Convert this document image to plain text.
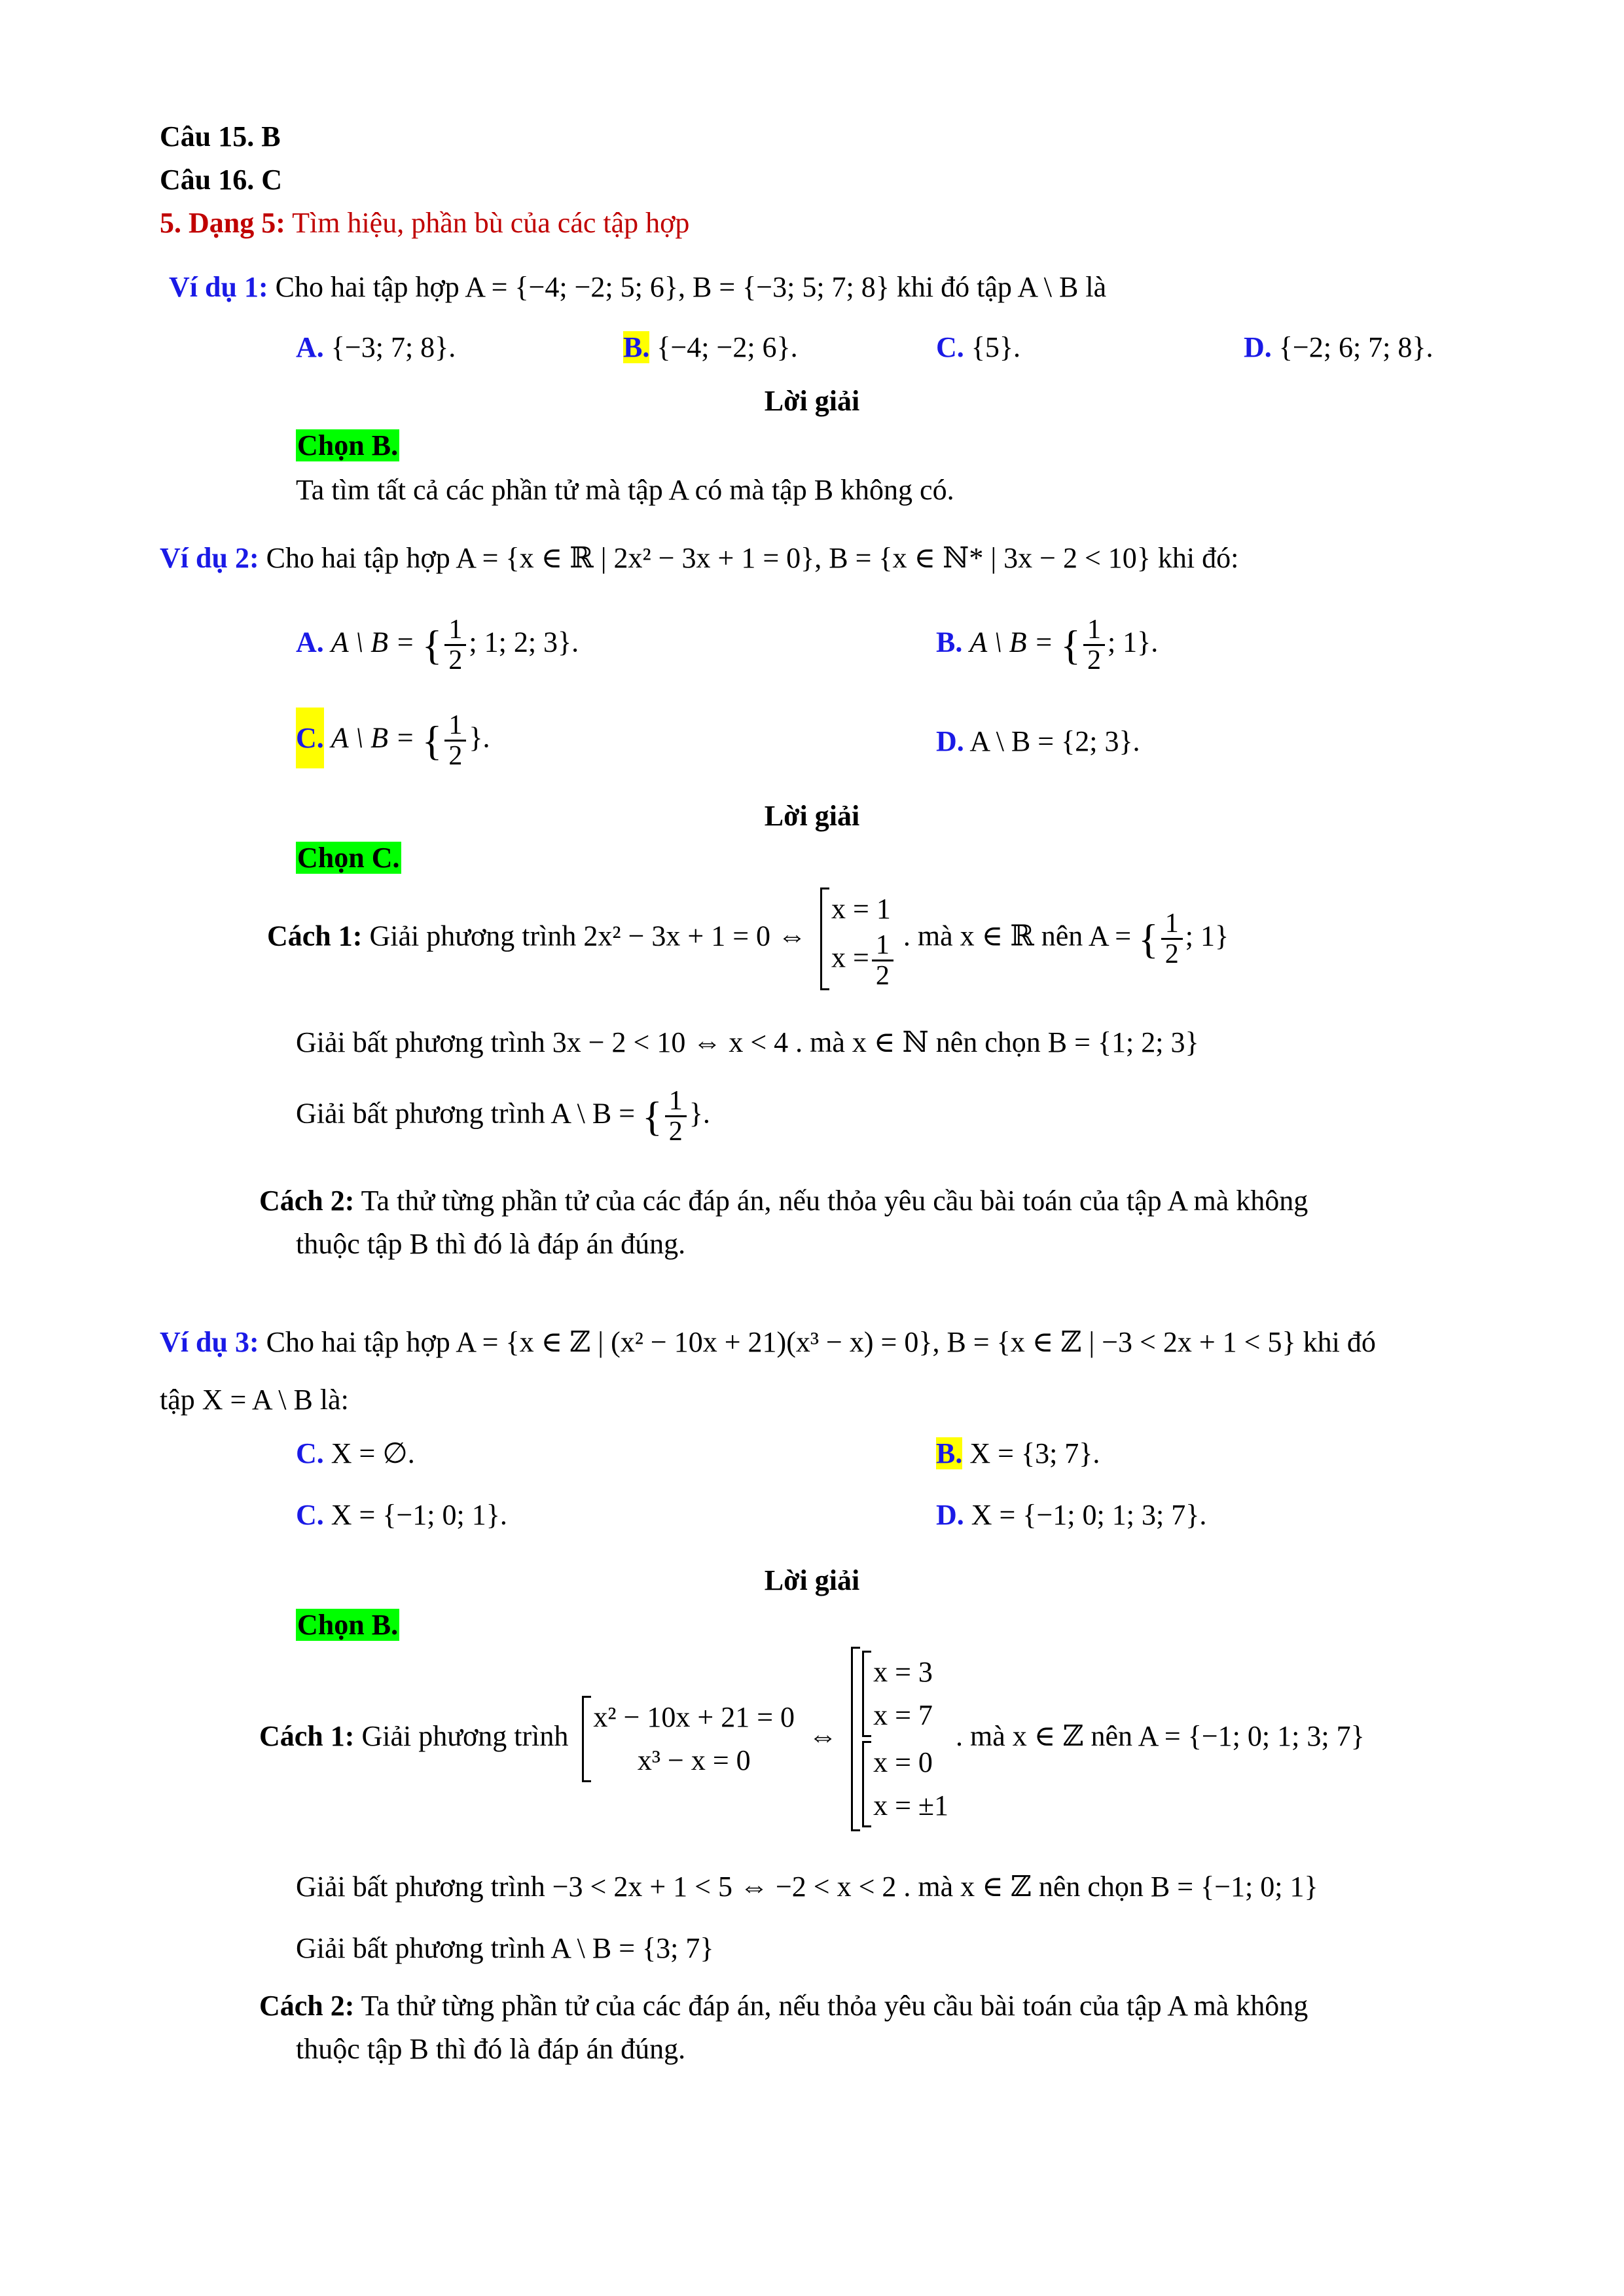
Câu 15. B
Câu 16. C
5. Dạng 5: Tìm hiệu, phần bù của các tập hợp
Ví dụ 1: Cho hai tập hợp A = {−4; −2; 5; 6}, B = {−3; 5; 7; 8} khi đó tập A \ B là
A. {−3; 7; 8}.	B. {−4; −2; 6}.	C. {5}.	D. {−2; 6; 7; 8}.
Lời giải
Chọn B.
Ta tìm tất cả các phần tử mà tập A có mà tập B không có.
Ví dụ 2: Cho hai tập hợp A = {x ∈ ℝ | 2x² − 3x + 1 = 0}, B = {x ∈ ℕ* | 3x − 2 < 10} khi đó:
A. A \ B = { $\frac{1}{2}$ ; 1; 2; 3}.	B. A \ B = { $\frac{1}{2}$ ; 1}.
C. A \ B = { $\frac{1}{2}$ }.	D. A \ B = {2; 3}.
Lời giải
Chọn C.
Cách 1: Giải phương trình 2x² − 3x + 1 = 0 ⇔
x = 1
$x = \frac{1}{2}$ . mà x ∈ ℝ nên A = { $\frac{1}{2}$ ; 1}
Giải bất phương trình 3x − 2 < 10 ⇔ x < 4 . mà x ∈ ℕ nên chọn B = {1; 2; 3}
Giải bất phương trình A \ B = { $\frac{1}{2}$ }.
Cách 2: Ta thử từng phần tử của các đáp án, nếu thỏa yêu cầu bài toán của tập A mà không
thuộc tập B thì đó là đáp án đúng.
Ví dụ 3: Cho hai tập hợp A = {x ∈ ℤ | (x² − 10x + 21)(x³ − x) = 0}, B = {x ∈ ℤ | −3 < 2x + 1 < 5} khi đó
tập X = A \ B là:
C. X = ∅.	B. X = {3; 7}.
C. X = {−1; 0; 1}.	D. X = {−1; 0; 1; 3; 7}.
Lời giải
Chọn B.
Cách 1: Giải phương trình
x² − 10x + 21 = 0
x³ − x = 0
⇔
x = 3
x = 7
x = 0
x = ±1
. mà x ∈ ℤ nên A = {−1; 0; 1; 3; 7}
Giải bất phương trình −3 < 2x + 1 < 5 ⇔ −2 < x < 2 . mà x ∈ ℤ nên chọn B = {−1; 0; 1}
Giải bất phương trình A \ B = {3; 7}
Cách 2: Ta thử từng phần tử của các đáp án, nếu thỏa yêu cầu bài toán của tập A mà không
thuộc tập B thì đó là đáp án đúng.
